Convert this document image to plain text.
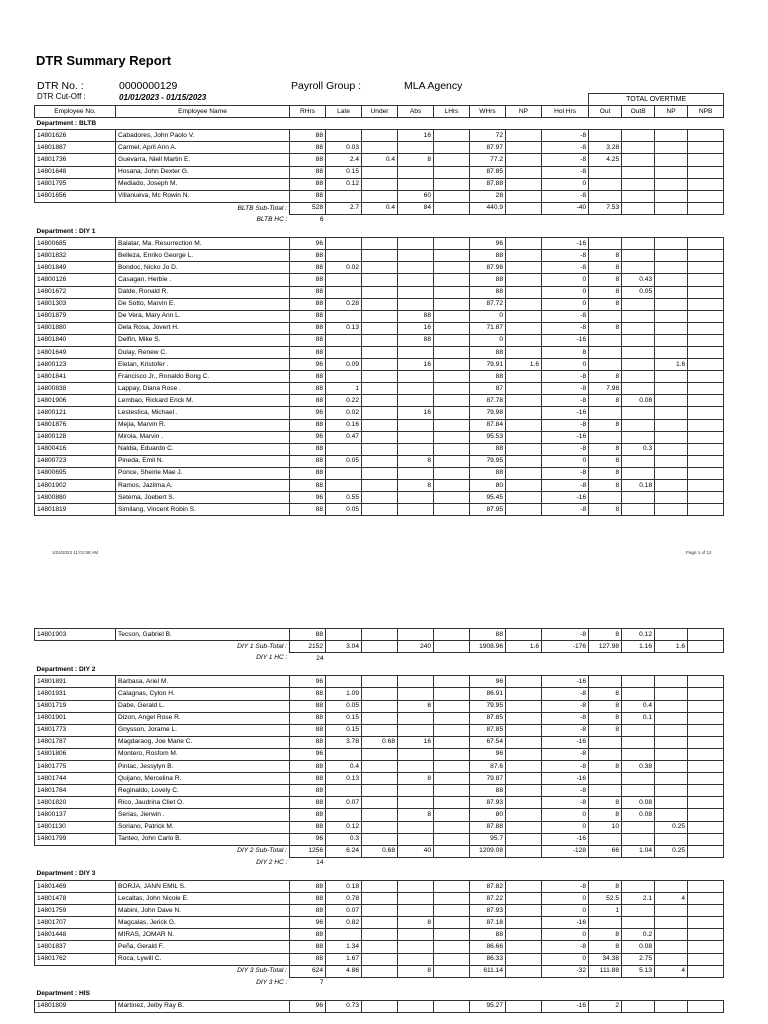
DTR Summary Report
DTR No. :	0000000129	Payroll Group :	MLA Agency
DTR Cut-Off :	01/01/2023 - 01/15/2023
										TOTAL OVERTIME			
Employee No.	Employee Name	RHrs	Late	Under	Abs	LHrs	WHrs	NP	Hol Hrs	Out	OutB	NP	NPB
Department : BLTB													
14801626	Cabadores, John Paolo V.	88			16		72		-8				
14801887	Carmel, April Ann A.	88	0.03				87.97		-8	3.28			
14801736	Guevarra, Niell Martin E.	88	2.4	0.4	8		77.2		-8	4.25			
14801648	Hosana, John Dexter G.	88	0.15				87.85		-8				
14801795	Mediado, Joseph M.	88	0.12				87.88		0				
14801656	Villanueva, Mc Rowin N.	88			60		28		-8				
BLTB Sub-Total :		528	2.7	0.4	84		440.9		-40	7.53			
BLTB HC :		6											
Department : DIY 1													
14800685	Balatar, Ma. Resurrection M.	96					96		-16				
14801832	Belleza, Enriko George L.	88					88		-8	8			
14801849	Bondoc, Nicko Jo D.	88	0.02				87.98		-8	8			
14800126	Casagan, Herbie .	88					88		0	8	0.43		
14801672	Dalde, Ronald R.	88					88		0	8	0.05		
14801303	De Sotto, Marvin E.	88	0.28				87.72		0	8			
14801879	De Vera, Mary Ann L.	88			88		0		-8				
14801880	Dela Rosa, Jovert H.	88	0.13		16		71.87		-8	8			
14801840	Delfin, Mike S.	88			88		0		-16				
14801649	Dulay, Renew C.	88					88		8				
14800123	Eletan, Kristofer .	96	0.09		16		79.91	1.6	0			1.6	
14801841	Francisco Jr., Ronaldo Bong C.	88					88		-8	8			
14800838	Lappay, Diana Rose .	88	1				87		-8	7.98			
14801906	Lembao, Rickard Erick M.	88	0.22				87.78		-8	8	0.08		
14800121	Lestestica, Michael .	96	0.02		16		79.98		-16				
14801876	Mejia, Marvin R.	88	0.16				87.84		-8	8			
14800128	Mirola, Marvin .	96	0.47				95.53		-16				
14800416	Naldia, Eduardo C.	88					88		-8	8	0.3		
14800723	Pineda, Emil N.	88	0.05		8		79.95		0	8			
14800695	Ponce, Sheirie Mae J.	88					88		-8	8			
14801902	Ramos, Jazilma A.	88			8		80		-8	8	0.18		
14800880	Setema, Joebert S.	96	0.55				95.45		-16				
14801819	Similang, Vincent Robin S.	88	0.05				87.95		-8	8			
1/24/2023 11:01:58 AM	Page 1 of 12
14801903	Tecson, Gabriel B.	88					88		-8	8	0.12		
DIY 1 Sub-Total :		2152	3.04		240		1908.96	1.6	-176	127.98	1.16	1.6	
DIY 1 HC :		24											
Department : DIY 2													
14801891	Barbasa, Ariel M.	96					96		-16				
14801931	Calagnas, Cylon H.	88	1.09				86.91		-8	8			
14801719	Dabe, Gerald L.	88	0.05		8		79.95		-8	8	0.4		
14801901	Dizon, Angel Rose R.	88	0.15				87.85		-8	8	0.1		
14801773	Gnysson, Jorame L.	88	0.15				87.85		-8	8			
14801787	Magdaraog, Joe Marie C.	88	3.78	0.68	16		67.54		-16				
14801806	Montero, Rosfom M.	96					96		-8				
14801775	Pintac, Jessylyn B.	88	0.4				87.6		-8	8	0.38		
14801744	Quijano, Mercelina R.	88	0.13		8		79.87		-16				
14801784	Reginaldo, Lovely C.	88					88		-8				
14801820	Rico, Jaudrina Cliet O.	88	0.07				87.93		-8	8	0.08		
14800137	Serias, Jierwin .	88			8		80		0	8	0.08		
14801130	Soriano, Patrick M.	88	0.12				87.88		0	10		0.25	
14801799	Tanteo, John Carlo B.	96	0.3				95.7		-16				
DIY 2 Sub-Total :		1256	6.24	0.68	40		1209.08		-128	66	1.04	0.25	
DIY 2 HC :		14											
Department : DIY 3													
14801469	BORJA, JANN EMIL S.	88	0.18				87.82		-8	8			
14801478	Lecaltas, John Nicole E.	88	0.78				87.22		0	52.5	2.1	4	
14801759	Mabini, John Dave N.	88	0.07				87.93		0	1			
14801707	Magcalas, Jerick G.	96	0.82		8		87.18		-16				
14801448	MIRAS, JOMAR N.	88					88		0	8	0.2		
14801837	Peña, Gerald F.	88	1.34				86.66		-8	8	0.08		
14801762	Roca, Lywill C.	88	1.67				86.33		0	34.38	2.75		
DIY 3 Sub-Total :		624	4.86		8		611.14		-32	111.88	5.13	4	
DIY 3 HC :		7											
Department : HIS													
14801809	Martinez, Jeiby Ray B.	96	0.73				95.27		-16	2			
